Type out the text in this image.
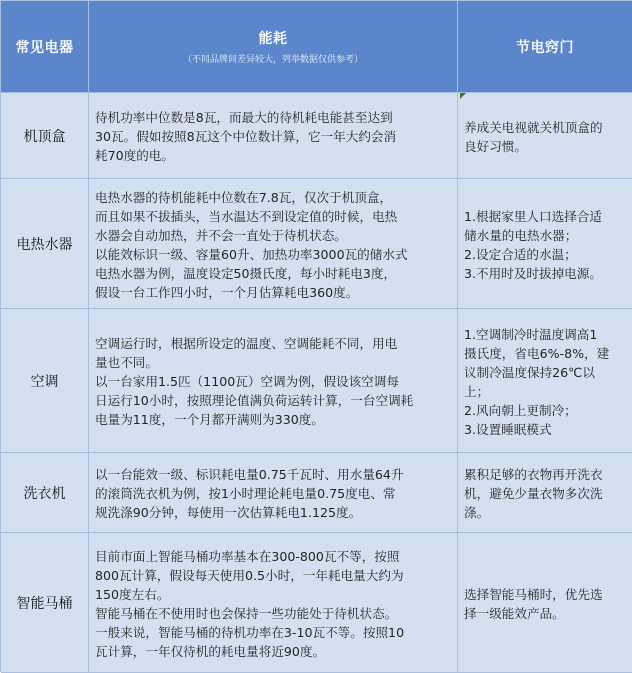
常见电器
能耗
（不同品牌间差异较大，列举数据仅供参考）
节电窍门
机顶盒
待机功率中位数是8瓦，而最大的待机耗电能甚至达到
30瓦。假如按照8瓦这个中位数计算，它一年大约会消
耗70度的电。
养成关电视就关机顶盒的
良好习惯。
电热水器
电热水器的待机能耗中位数在7.8瓦，仅次于机顶盒，
而且如果不拔插头，当水温达不到设定值的时候，电热
水器会自动加热，并不会一直处于待机状态。
以能效标识一级、容量60升、加热功率3000瓦的储水式
电热水器为例，温度设定50摄氏度，每小时耗电3度，
假设一台工作四小时，一个月估算耗电360度。
1.根据家里人口选择合适
储水量的电热水器；
2.设定合适的水温；
3.不用时及时拔掉电源。
空调
空调运行时，根据所设定的温度、空调能耗不同，用电
量也不同。
以一台家用1.5匹（1100瓦）空调为例，假设该空调每
日运行10小时，按照理论值满负荷运转计算，一台空调耗
电量为11度，一个月都开满则为330度。
1.空调制冷时温度调高1
摄氏度，省电6%-8%，建
议制冷温度保持26℃以
上；
2.风向朝上更制冷；
3.设置睡眠模式
洗衣机
以一台能效一级、标识耗电量0.75千瓦时、用水量64升
的滚筒洗衣机为例，按1小时理论耗电量0.75度电、常
规洗涤90分钟，每使用一次估算耗电1.125度。
累积足够的衣物再开洗衣
机，避免少量衣物多次洗
涤。
智能马桶
目前市面上智能马桶功率基本在300-800瓦不等，按照
800瓦计算，假设每天使用0.5小时，一年耗电量大约为
150度左右。
智能马桶在不使用时也会保持一些功能处于待机状态。
一般来说，智能马桶的待机功率在3-10瓦不等。按照10
瓦计算，一年仅待机的耗电量将近90度。
选择智能马桶时，优先选
择一级能效产品。
